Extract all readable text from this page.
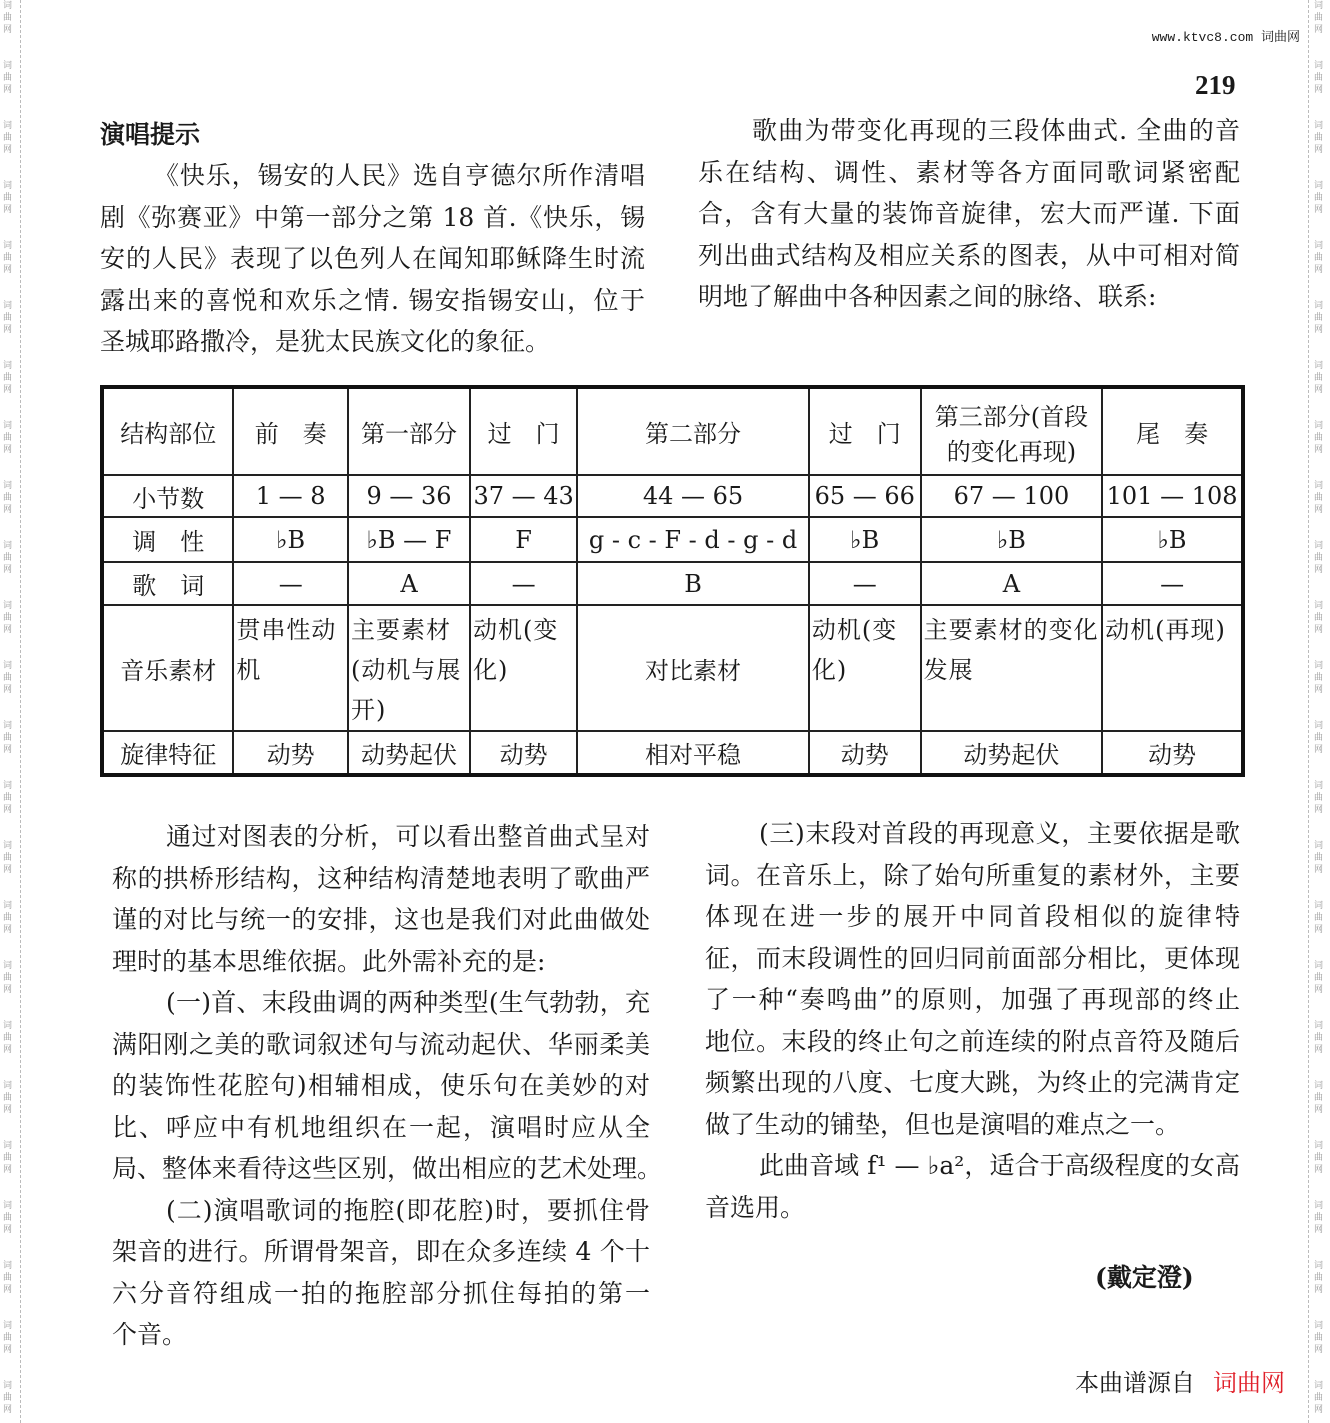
词
曲
网

词
曲
网

词
曲
网

词
曲
网

词
曲
网

词
曲
网

词
曲
网

词
曲
网

词
曲
网

词
曲
网

词
曲
网

词
曲
网

词
曲
网

词
曲
网

词
曲
网

词
曲
网

词
曲
网

词
曲
网

词
曲
网

词
曲
网

词
曲
网

词
曲
网

词
曲
网

词
曲
网

词
曲
网

词
曲
网

词
曲
网

词
曲
网

词
曲
网

词
曲
网

词
曲
网

词
曲
网

词
曲
网

词
曲
网

词
曲
网

词
曲
网

词
曲
网

词
曲
网

词
曲
网

词
曲
网

词
曲
网

词
曲
网

词
曲
网

词
曲
网

词
曲
网

词
曲
网

词
曲
网

词
曲
网

www.ktvc8.com 词曲网
219
演唱提示
《快乐，锡安的人民》选自亨德尔所作清唱
剧《弥赛亚》中第一部分之第 18 首.《快乐，锡
安的人民》表现了以色列人在闻知耶稣降生时流
露出来的喜悦和欢乐之情. 锡安指锡安山，位于
圣城耶路撒冷，是犹太民族文化的象征。
歌曲为带变化再现的三段体曲式. 全曲的音
乐在结构、调性、素材等各方面同歌词紧密配
合，含有大量的装饰音旋律，宏大而严谨. 下面
列出曲式结构及相应关系的图表，从中可相对简
明地了解曲中各种因素之间的脉络、联系:
结构部位	前　奏	第一部分	过　门	第二部分	过　门	第三部分(首段的变化再现)	尾　奏
小节数	1 — 8	9 — 36	37 — 43	44 — 65	65 — 66	67 — 100	101 — 108
调　性	♭B	♭B — F	F	g - c - F - d - g - d	♭B	♭B	♭B
歌　词	—	A	—	B	—	A	—
音乐素材	贯串性动机	主要素材(动机与展开)	动机(变化)	对比素材	动机(变化)	主要素材的变化发展	动机(再现)
旋律特征	动势	动势起伏	动势	相对平稳	动势	动势起伏	动势
通过对图表的分析，可以看出整首曲式呈对
称的拱桥形结构，这种结构清楚地表明了歌曲严
谨的对比与统一的安排，这也是我们对此曲做处
理时的基本思维依据。此外需补充的是:
(一)首、末段曲调的两种类型(生气勃勃，充
满阳刚之美的歌词叙述句与流动起伏、华丽柔美
的装饰性花腔句)相辅相成，使乐句在美妙的对
比、呼应中有机地组织在一起，演唱时应从全
局、整体来看待这些区别，做出相应的艺术处理。
(二)演唱歌词的拖腔(即花腔)时，要抓住骨
架音的进行。所谓骨架音，即在众多连续 4 个十
六分音符组成一拍的拖腔部分抓住每拍的第一
个音。
(三)末段对首段的再现意义，主要依据是歌
词。在音乐上，除了始句所重复的素材外，主要
体现在进一步的展开中同首段相似的旋律特
征，而末段调性的回归同前面部分相比，更体现
了一种“奏鸣曲”的原则，加强了再现部的终止
地位。末段的终止句之前连续的附点音符及随后
频繁出现的八度、七度大跳，为终止的完满肯定
做了生动的铺垫，但也是演唱的难点之一。
此曲音域 f¹ — ♭a²，适合于高级程度的女高
音选用。
(戴定澄)
本曲谱源自 词曲网
